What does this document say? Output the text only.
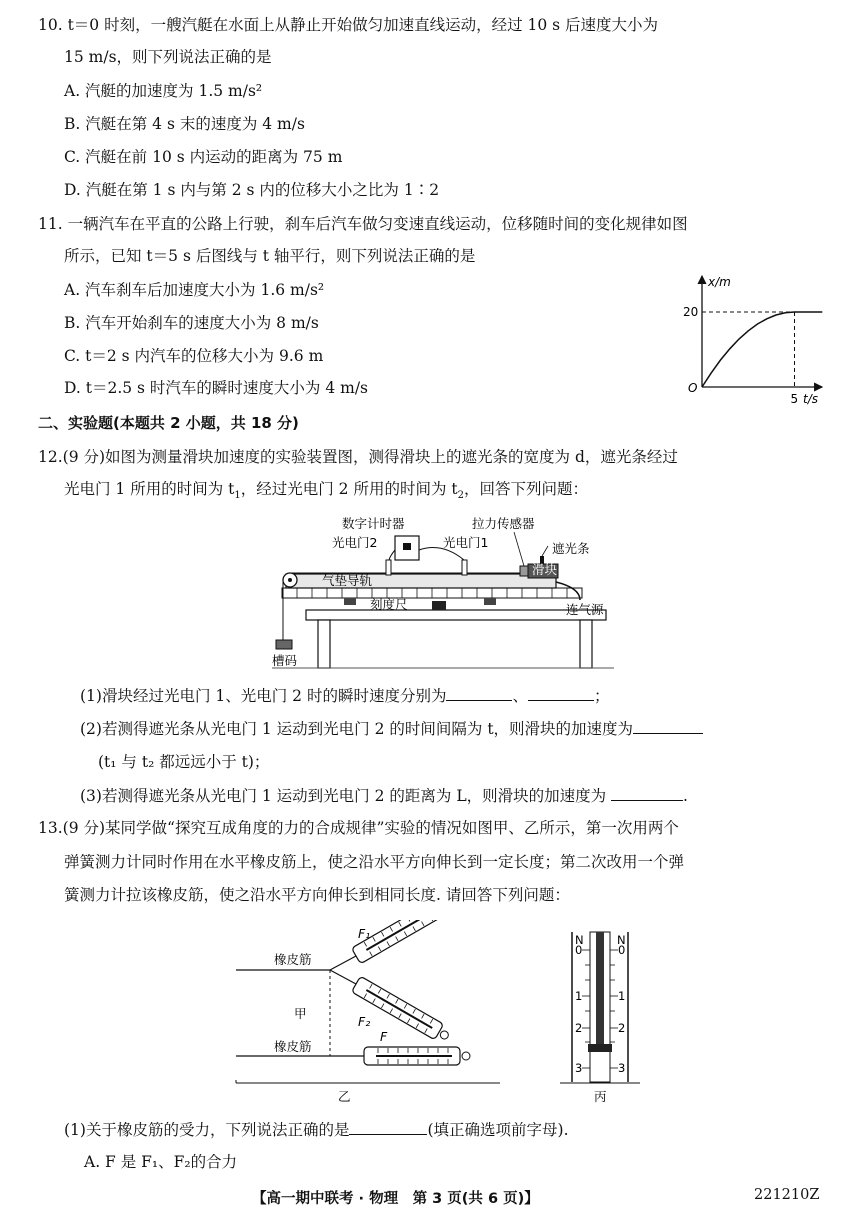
10. t＝0 时刻，一艘汽艇在水面上从静止开始做匀加速直线运动，经过 10 s 后速度大小为
15 m/s，则下列说法正确的是
A. 汽艇的加速度为 1.5 m/s²
B. 汽艇在第 4 s 末的速度为 4 m/s
C. 汽艇在前 10 s 内运动的距离为 75 m
D. 汽艇在第 1 s 内与第 2 s 内的位移大小之比为 1∶2
11. 一辆汽车在平直的公路上行驶，刹车后汽车做匀变速直线运动，位移随时间的变化规律如图
所示，已知 t＝5 s 后图线与 t 轴平行，则下列说法正确的是
A. 汽车刹车后加速度大小为 1.6 m/s²
B. 汽车开始刹车的速度大小为 8 m/s
C. t＝2 s 内汽车的位移大小为 9.6 m
D. t＝2.5 s 时汽车的瞬时速度大小为 4 m/s
x/m
t/s
O
20
5
二、实验题(本题共 2 小题，共 18 分)
12.(9 分)如图为测量滑块加速度的实验装置图，测得滑块上的遮光条的宽度为 d，遮光条经过
光电门 1 所用的时间为 $t_1$，经过光电门 2 所用的时间为 $t_2$，回答下列问题：
数字计时器	拉力传感器
光电门2	光电门1	遮光条
滑块
气垫导轨
刻度尺	连气源
槽码
(1)滑块经过光电门 1、光电门 2 时的瞬时速度分别为	、	；
(2)若测得遮光条从光电门 1 运动到光电门 2 的时间间隔为 t，则滑块的加速度为
(t₁ 与 t₂ 都远远小于 t)；
(3)若测得遮光条从光电门 1 运动到光电门 2 的距离为 L，则滑块的加速度为	.
13.(9 分)某同学做“探究互成角度的力的合成规律”实验的情况如图甲、乙所示，第一次用两个
弹簧测力计同时作用在水平橡皮筋上，使之沿水平方向伸长到一定长度；第二次改用一个弹
簧测力计拉该橡皮筋，使之沿水平方向伸长到相同长度. 请回答下列问题：
橡皮筋
橡皮筋
甲
乙
F₁
F₂
F
N	N
0
1
2
3
0
1
2
3
丙
(1)关于橡皮筋的受力，下列说法正确的是	(填正确选项前字母).
A. F 是 F₁、F₂的合力
【高一期中联考 · 物理　第 3 页(共 6 页)】	221210Z
